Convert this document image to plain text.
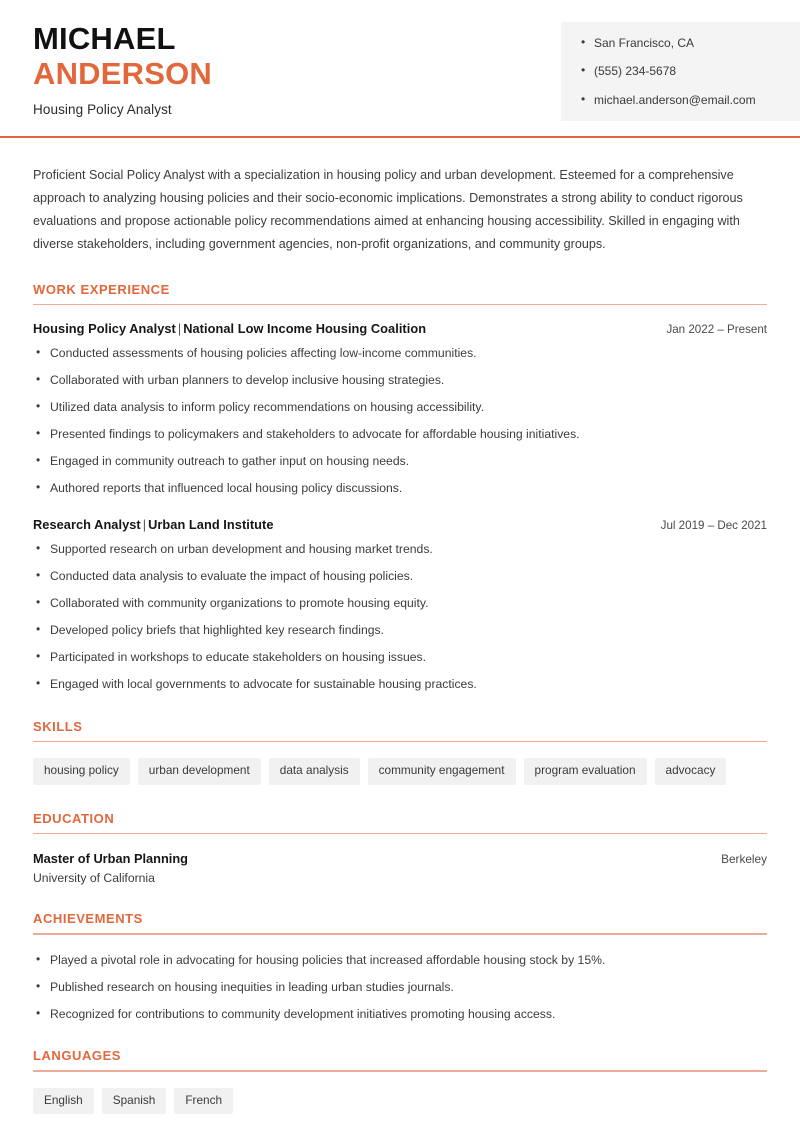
MICHAEL
ANDERSON
Housing Policy Analyst
• San Francisco, CA
• (555) 234-5678
• michael.anderson@email.com

Proficient Social Policy Analyst with a specialization in housing policy and urban development. Esteemed for a comprehensive approach to analyzing housing policies and their socio-economic implications. Demonstrates a strong ability to conduct rigorous evaluations and propose actionable policy recommendations aimed at enhancing housing accessibility. Skilled in engaging with diverse stakeholders, including government agencies, non-profit organizations, and community groups.

WORK EXPERIENCE
Housing Policy Analyst | National Low Income Housing Coalition	Jan 2022 – Present
• Conducted assessments of housing policies affecting low-income communities.
• Collaborated with urban planners to develop inclusive housing strategies.
• Utilized data analysis to inform policy recommendations on housing accessibility.
• Presented findings to policymakers and stakeholders to advocate for affordable housing initiatives.
• Engaged in community outreach to gather input on housing needs.
• Authored reports that influenced local housing policy discussions.
Research Analyst | Urban Land Institute	Jul 2019 – Dec 2021
• Supported research on urban development and housing market trends.
• Conducted data analysis to evaluate the impact of housing policies.
• Collaborated with community organizations to promote housing equity.
• Developed policy briefs that highlighted key research findings.
• Participated in workshops to educate stakeholders on housing issues.
• Engaged with local governments to advocate for sustainable housing practices.
SKILLS
housing policy	urban development	data analysis	community engagement	program evaluation	advocacy
EDUCATION
Master of Urban Planning	Berkeley
University of California
ACHIEVEMENTS
• Played a pivotal role in advocating for housing policies that increased affordable housing stock by 15%.
• Published research on housing inequities in leading urban studies journals.
• Recognized for contributions to community development initiatives promoting housing access.
LANGUAGES
English	Spanish	French
